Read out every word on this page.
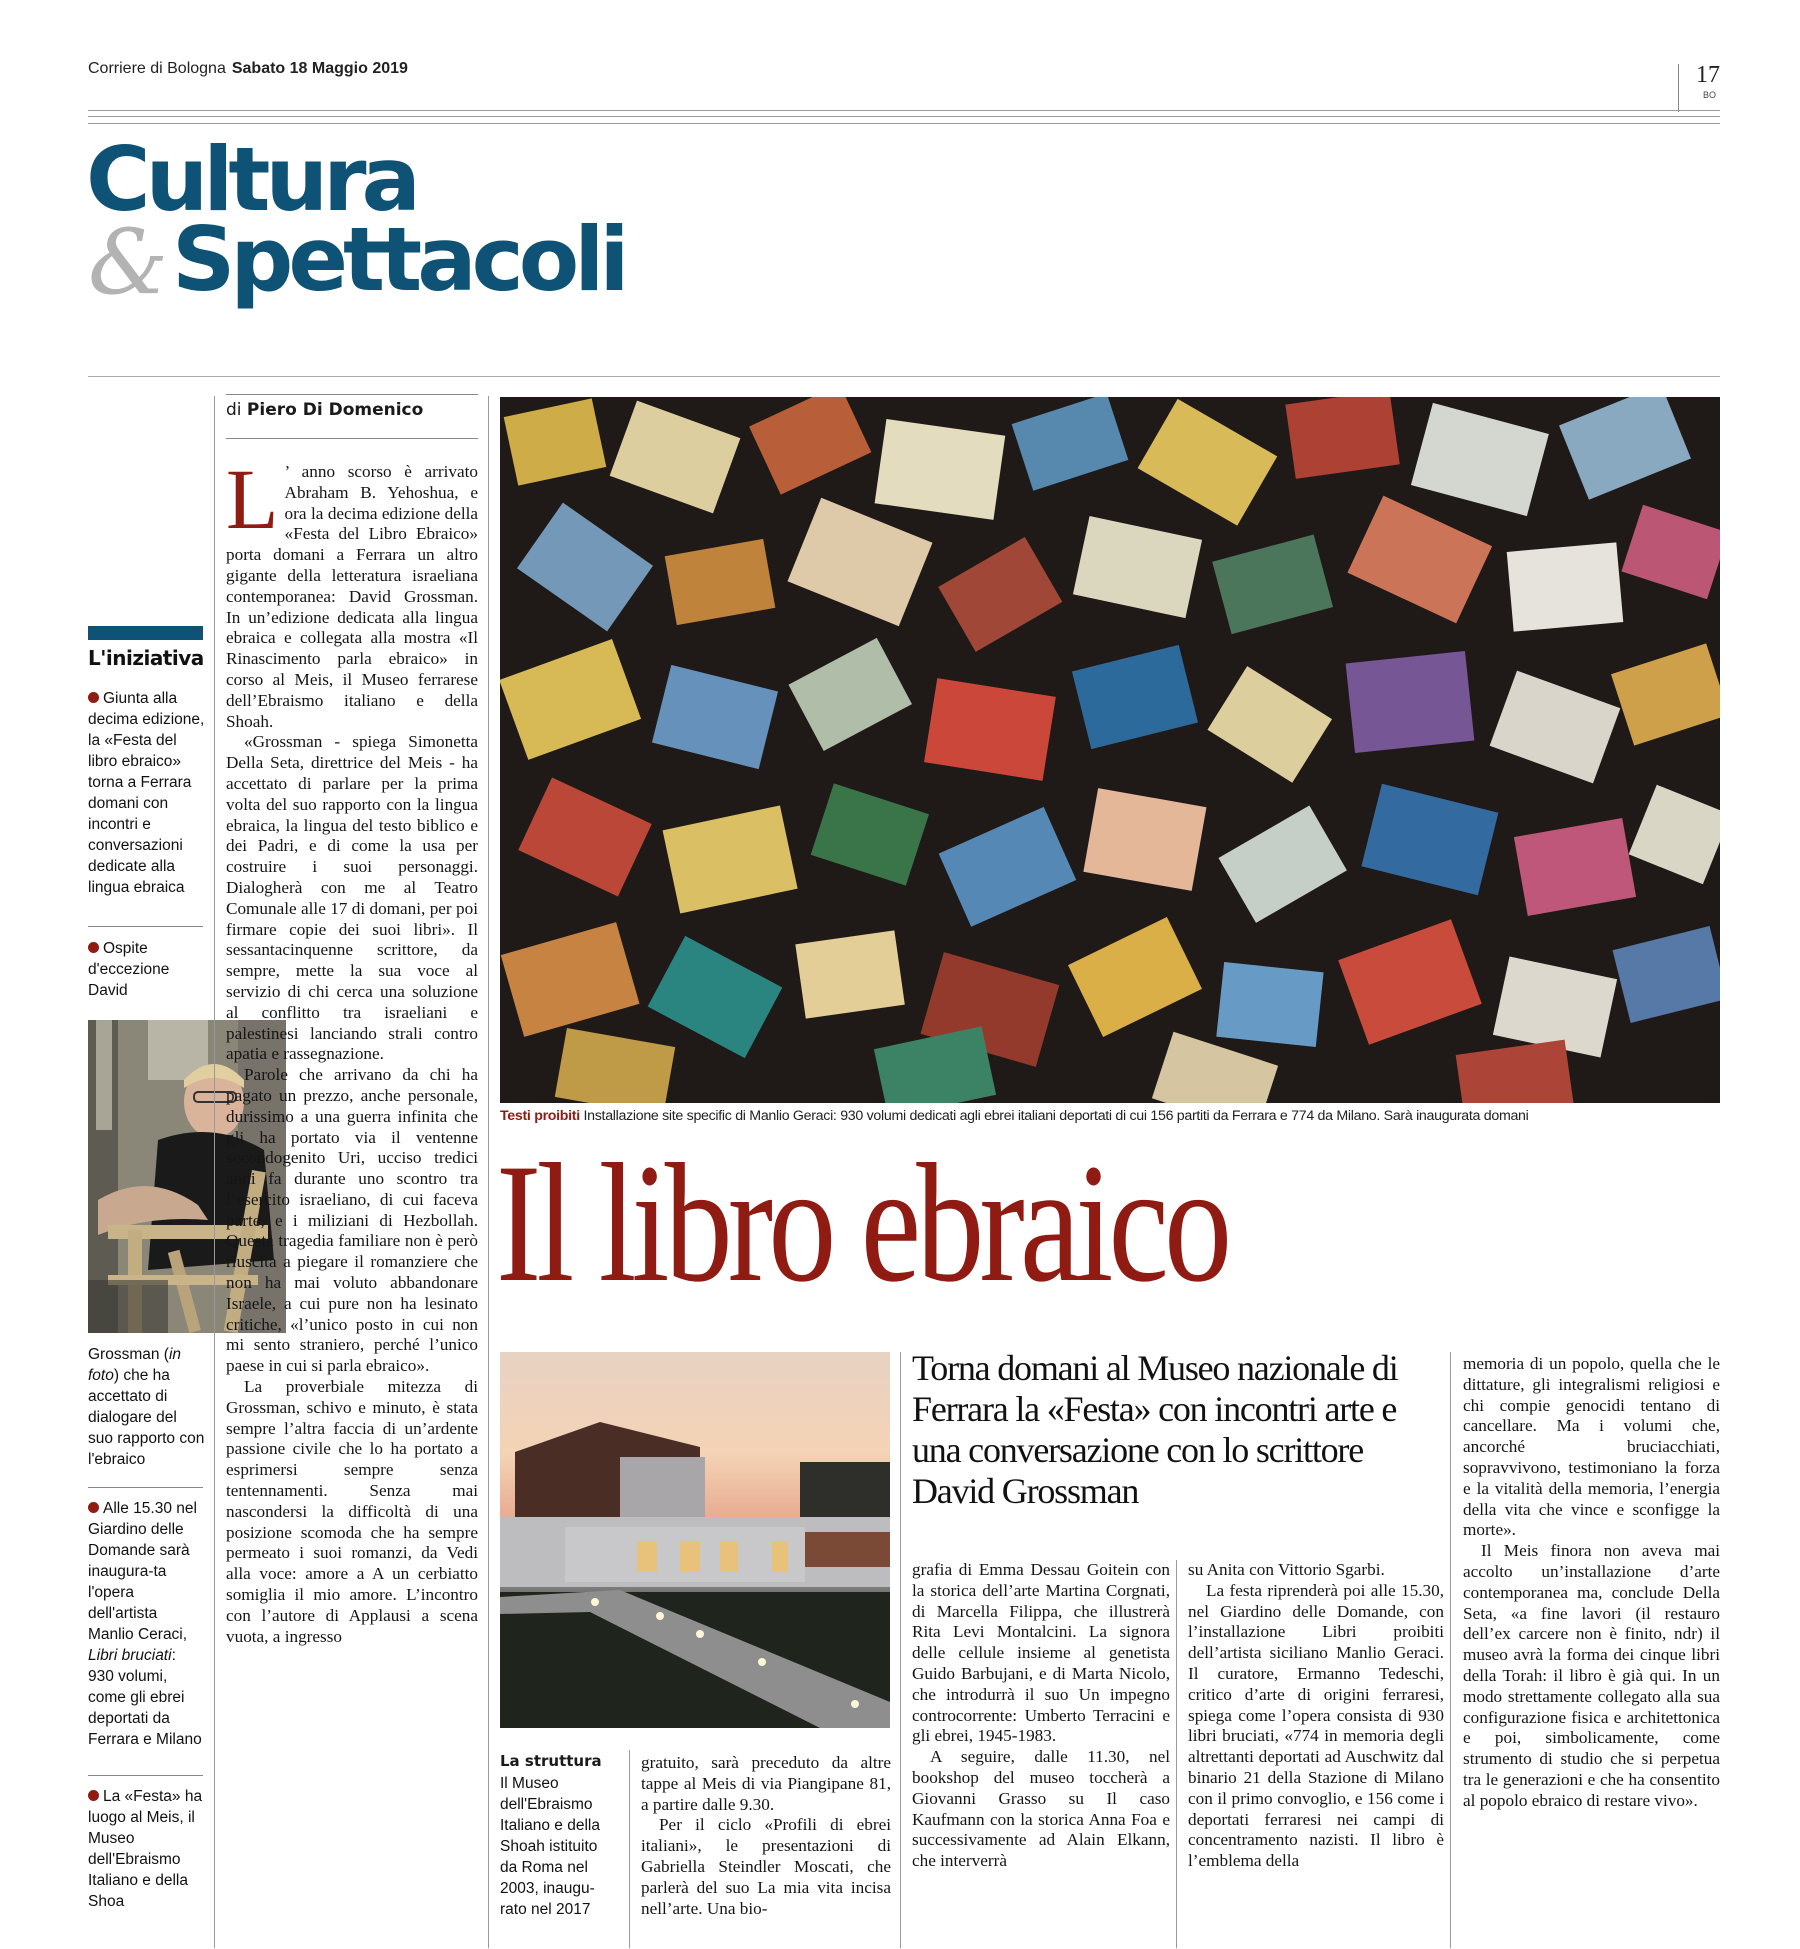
Corriere di Bologna Sabato 18 Maggio 2019	17
BO
Cultura
& Spettacoli
L'iniziativa
Giunta alla decima edizione, la «Festa del libro ebraico» torna a Ferrara domani con incontri e conversazioni dedicate alla lingua ebraica
Ospite d'eccezione David
Grossman (in foto) che ha accettato di dialogare del suo rapporto con l'ebraico
Alle 15.30 nel Giardino delle Domande sarà inaugura-ta l'opera dell'artista Manlio Ceraci, Libri bruciati: 930 volumi, come gli ebrei deportati da Ferrara e Milano
La «Festa» ha luogo al Meis, il Museo dell'Ebraismo Italiano e della Shoa
di Piero Di Domenico
L ’ anno scorso è arrivato Abraham B. Yehoshua, e ora la decima edizione della «Festa del Libro Ebraico» porta domani a Ferrara un altro gigante della letteratura israeliana contemporanea: David Grossman. In un’edizione dedicata alla lingua ebraica e collegata alla mostra «Il Rinascimento parla ebraico» in corso al Meis, il Museo ferrarese dell’Ebraismo italiano e della Shoah.

«Grossman - spiega Simonetta Della Seta, direttrice del Meis - ha accettato di parlare per la prima volta del suo rapporto con la lingua ebraica, la lingua del testo biblico e dei Padri, e di come la usa per costruire i suoi personaggi. Dialogherà con me al Teatro Comunale alle 17 di domani, per poi firmare copie dei suoi libri». Il sessantacinquenne scrittore, da sempre, mette la sua voce al servizio di chi cerca una soluzione al conflitto tra israeliani e palestinesi lanciando strali contro apatia e rassegnazione.

Parole che arrivano da chi ha pagato un prezzo, anche personale, durissimo a una guerra infinita che gli ha portato via il ventenne secondogenito Uri, ucciso tredici anni fa durante uno scontro tra l’esercito israeliano, di cui faceva parte, e i miliziani di Hezbollah. Questa tragedia familiare non è però riuscita a piegare il romanziere che non ha mai voluto abbandonare Israele, a cui pure non ha lesinato critiche, «l’unico posto in cui non mi sento straniero, perché l’unico paese in cui si parla ebraico».

La proverbiale mitezza di Grossman, schivo e minuto, è stata sempre l’altra faccia di un’ardente passione civile che lo ha portato a esprimersi sempre senza tentennamenti. Senza mai nascondersi la difficoltà di una posizione scomoda che ha sempre permeato i suoi romanzi, da Vedi alla voce: amore a A un cerbiatto somiglia il mio amore. L’incontro con l’autore di Applausi a scena vuota, a ingresso

Testi proibiti Installazione site specific di Manlio Geraci: 930 volumi dedicati agli ebrei italiani deportati di cui 156 partiti da Ferrara e 774 da Milano. Sarà inaugurata domani
Il libro ebraico
Torna domani al Museo nazionale di Ferrara la «Festa» con incontri arte e una conversazione con lo scrittore David Grossman
La struttura
Il Museo dell'Ebraismo Italiano e della Shoah istituito da Roma nel 2003, inaugu-rato nel 2017

gratuito, sarà preceduto da altre tappe al Meis di via Piangipane 81, a partire dalle 9.30.

Per il ciclo «Profili di ebrei italiani», le presentazioni di Gabriella Steindler Moscati, che parlerà del suo La mia vita incisa nell’arte. Una bio-

grafia di Emma Dessau Goitein con la storica dell’arte Martina Corgnati, di Marcella Filippa, che illustrerà Rita Levi Montalcini. La signora delle cellule insieme al genetista Guido Barbujani, e di Marta Nicolo, che introdurrà il suo Un impegno controcorrente: Umberto Terracini e gli ebrei, 1945-1983.

A seguire, dalle 11.30, nel bookshop del museo toccherà a Giovanni Grasso su Il caso Kaufmann con la storica Anna Foa e successivamente ad Alain Elkann, che interverrà

su Anita con Vittorio Sgarbi.

La festa riprenderà poi alle 15.30, nel Giardino delle Domande, con l’installazione Libri proibiti dell’artista siciliano Manlio Geraci. Il curatore, Ermanno Tedeschi, critico d’arte di origini ferraresi, spiega come l’opera consista di 930 libri bruciati, «774 in memoria degli altrettanti deportati ad Auschwitz dal binario 21 della Stazione di Milano con il primo convoglio, e 156 come i deportati ferraresi nei campi di concentramento nazisti. Il libro è l’emblema della

memoria di un popolo, quella che le dittature, gli integralismi religiosi e chi compie genocidi tentano di cancellare. Ma i volumi che, ancorché bruciacchiati, sopravvivono, testimoniano la forza e la vitalità della memoria, l’energia della vita che vince e sconfigge la morte».

Il Meis finora non aveva mai accolto un’installazione d’arte contemporanea ma, conclude Della Seta, «a fine lavori (il restauro dell’ex carcere non è finito, ndr) il museo avrà la forma dei cinque libri della Torah: il libro è già qui. In un modo strettamente collegato alla sua configurazione fisica e architettonica e poi, simbolicamente, come strumento di studio che si perpetua tra le generazioni e che ha consentito al popolo ebraico di restare vivo».
